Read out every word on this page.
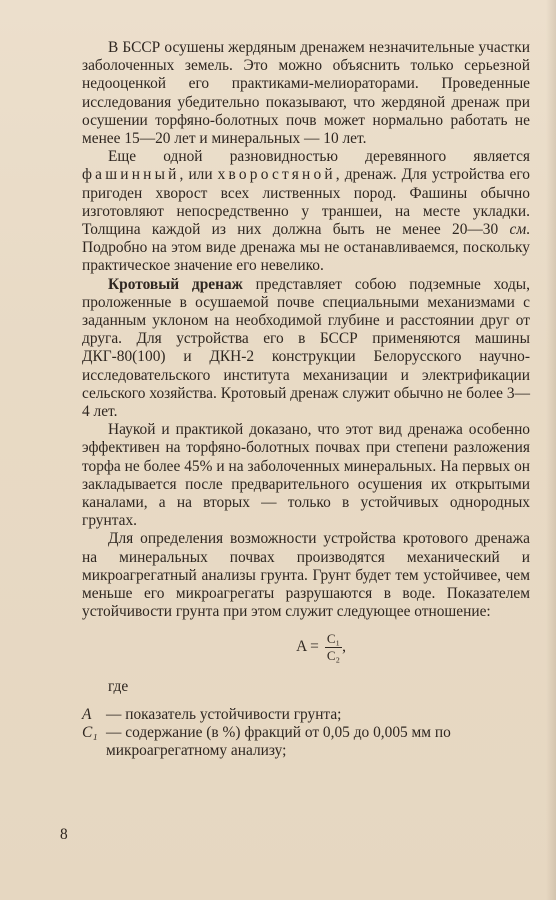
В БССР осушены жердяным дренажем незначительные участки заболоченных земель. Это можно объяснить только серьезной недооценкой его практиками-мелиораторами. Проведенные исследования убедительно показывают, что жердяной дренаж при осушении торфяно-болотных почв может нормально работать не менее 15—20 лет и минеральных — 10 лет.

Еще одной разновидностью деревянного является фашинный, или хворостяной, дренаж. Для устройства его пригоден хворост всех лиственных пород. Фашины обычно изготовляют непосредственно у траншеи, на месте укладки. Толщина каждой из них должна быть не менее 20—30 см. Подробно на этом виде дренажа мы не останавливаемся, поскольку практическое значение его невелико.

Кротовый дренаж представляет собою подземные ходы, проложенные в осушаемой почве специальными механизмами с заданным уклоном на необходимой глубине и расстоянии друг от друга. Для устройства его в БССР применяются машины ДКГ-80(100) и ДКН-2 конструкции Белорусского научно-исследовательского института механизации и электрификации сельского хозяйства. Кротовый дренаж служит обычно не более 3—4 лет.

Наукой и практикой доказано, что этот вид дренажа особенно эффективен на торфяно-болотных почвах при степени разложения торфа не более 45% и на заболоченных минеральных. На первых он закладывается после предварительного осушения их открытыми каналами, а на вторых — только в устойчивых однородных грунтах.

Для определения возможности устройства кротового дренажа на минеральных почвах производятся механический и микроагрегатный анализы грунта. Грунт будет тем устойчивее, чем меньше его микроагрегаты разрушаются в воде. Показателем устойчивости грунта при этом служит следующее отношение:

$A = \frac{\text{C₁}}{\text{C₂}}$ ,

где

A — показатель устойчивости грунта;
C₁ — содержание (в %) фракций от 0,05 до 0,005 мм по микроагрегатному анализу;
8
